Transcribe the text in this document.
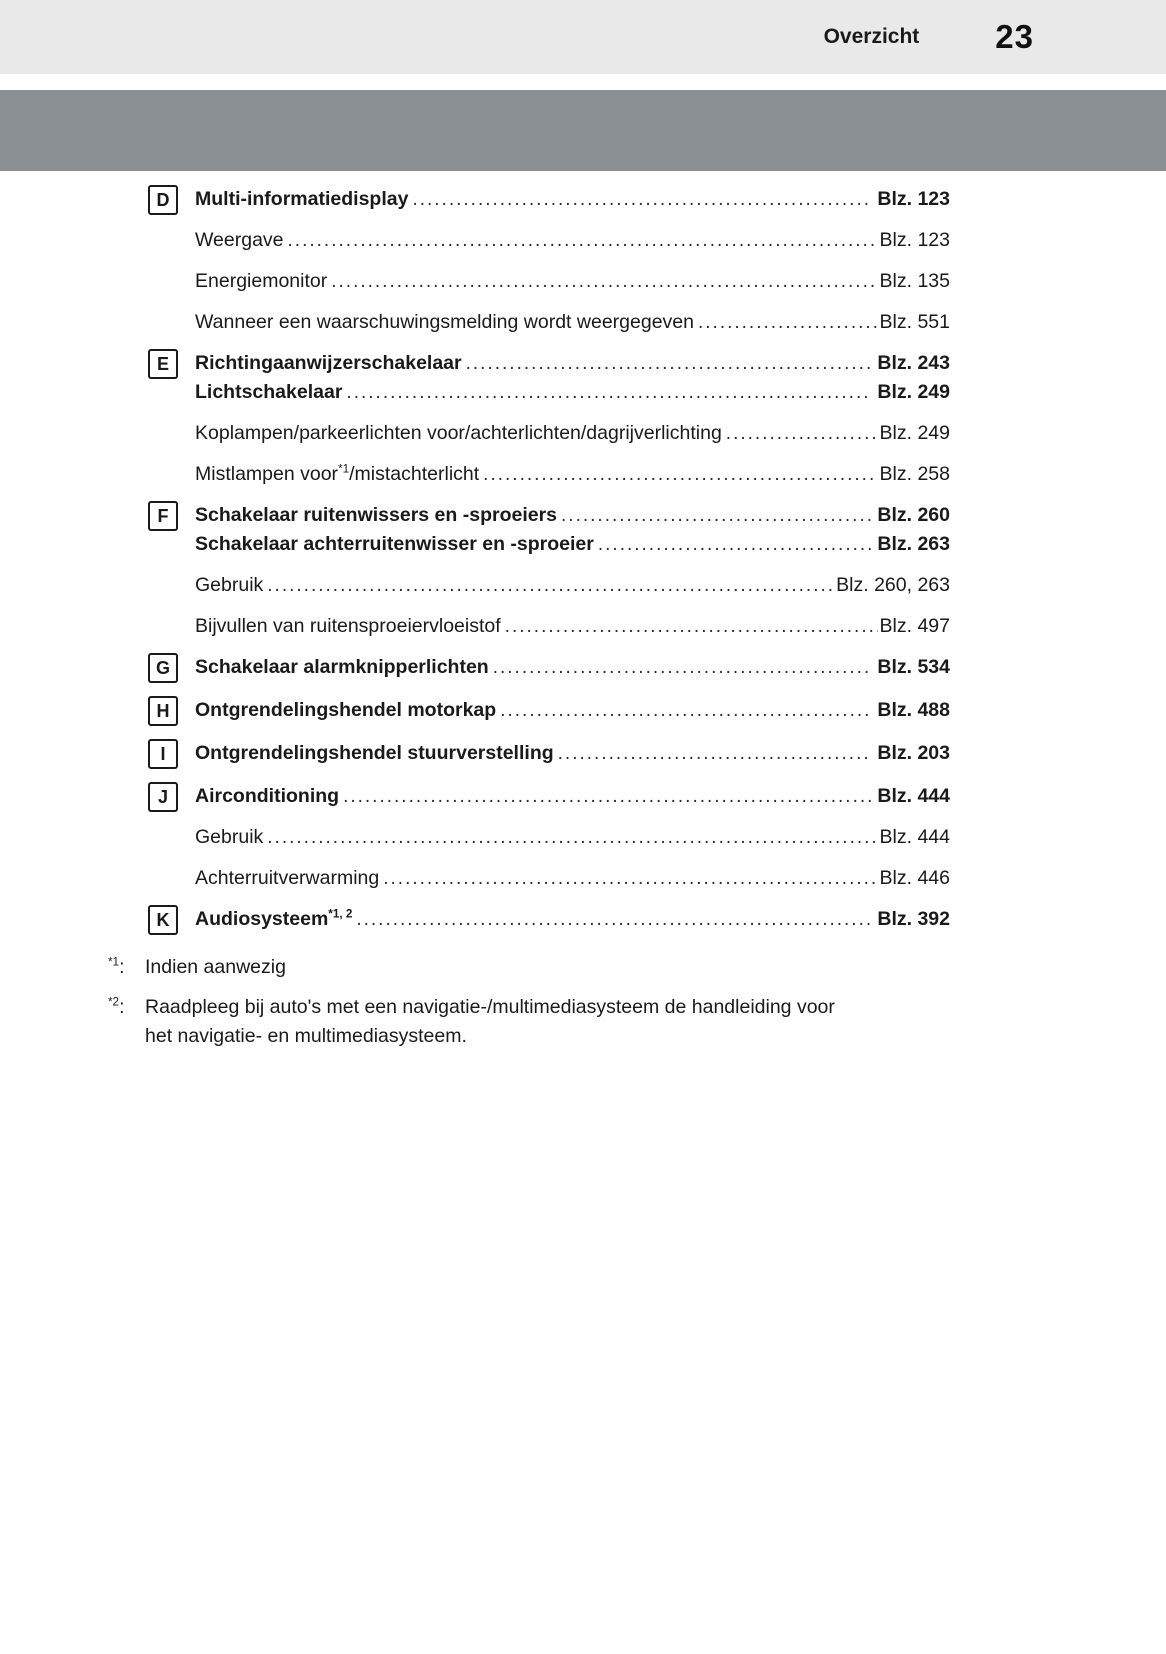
Overzicht 23
D	Multi-informatiedisplay .....	Blz. 123
Weergave .....	Blz. 123
Energiemonitor .....	Blz. 135
Wanneer een waarschuwingsmelding wordt weergegeven .....	Blz. 551
E	Richtingaanwijzerschakelaar .....	Blz. 243
Lichtschakelaar .....	Blz. 249
Koplampen/parkeerlichten voor/achterlichten/dagrijverlichting .....	Blz. 249
Mistlampen voor$^{*1}$/mistachterlicht .....	Blz. 258
F	Schakelaar ruitenwissers en -sproeiers .....	Blz. 260
Schakelaar achterruitenwisser en -sproeier .....	Blz. 263
Gebruik .....	Blz. 260, 263
Bijvullen van ruitensproeiervloeistof .....	Blz. 497
G	Schakelaar alarmknipperlichten .....	Blz. 534
H	Ontgrendelingshendel motorkap .....	Blz. 488
I	Ontgrendelingshendel stuurverstelling .....	Blz. 203
J	Airconditioning .....	Blz. 444
Gebruik .....	Blz. 444
Achterruitverwarming .....	Blz. 446
K	Audiosysteem$^{*1, 2}$ .....	Blz. 392
$^{*1}$:	Indien aanwezig
$^{*2}$:	Raadpleeg bij auto's met een navigatie-/multimediasysteem de handleiding voor het navigatie- en multimediasysteem.
